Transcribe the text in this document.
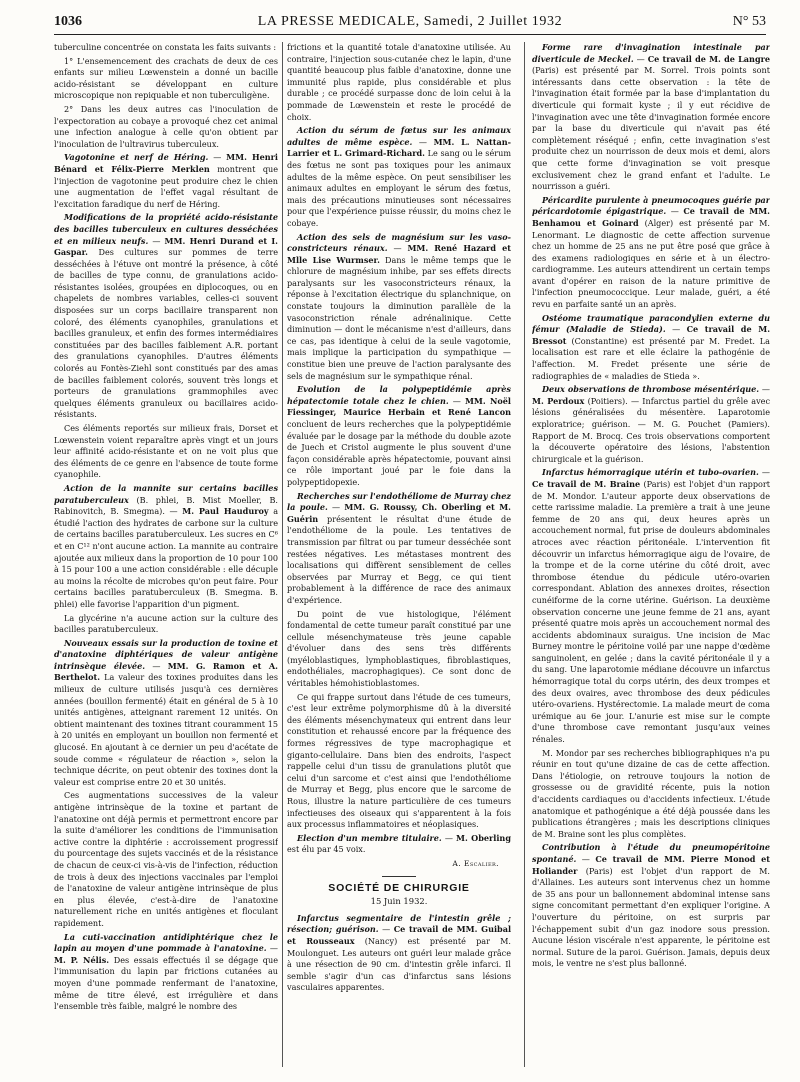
1036	LA PRESSE MEDICALE, Samedi, 2 Juillet 1932	N° 53

tuberculine concentrée on constata les faits suivants :

1° L'ensemencement des crachats de deux de ces enfants sur milieu Lœwenstein a donné un bacille acido-résistant se développant en culture microscopique non repiquable et non tuberculigène.

2° Dans les deux autres cas l'inoculation de l'expectoration au cobaye a provoqué chez cet animal une infection analogue à celle qu'on obtient par l'inoculation de l'ultravirus tuberculeux.

Vagotonine et nerf de Héring. — MM. Henri Bénard et Félix-Pierre Merklen montrent que l'injection de vagotonine peut produire chez le chien une augmentation de l'effet vagal résultant de l'excitation faradique du nerf de Héring.

Modifications de la propriété acido-résistante des bacilles tuberculeux en cultures desséchées et en milieux neufs. — MM. Henri Durand et I. Gaspar. Des cultures sur pommes de terre desséchées à l'étuve ont montré la présence, à côté de bacilles de type connu, de granulations acido-résistantes isolées, groupées en diplocoques, ou en chapelets de nombres variables, celles-ci souvent disposées sur un corps bacillaire transparent non coloré, des éléments cyanophiles, granulations et bacilles granuleux, et enfin des formes intermédiaires constituées par des bacilles faiblement A.R. portant des granulations cyanophiles. D'autres éléments colorés au Fontès-Ziehl sont constitués par des amas de bacilles faiblement colorés, souvent très longs et porteurs de granulations grammophiles avec quelques éléments granuleux ou bacillaires acido-résistants.

Ces éléments reportés sur milieux frais, Dorset et Lœwenstein voient reparaître après vingt et un jours leur affinité acido-résistante et on ne voit plus que des éléments de ce genre en l'absence de toute forme cyanophile.

Action de la mannite sur certains bacilles paratuberculeux (B. phlei, B. Mist Moeller, B. Rabinovitch, B. Smegma). — M. Paul Hauduroy a étudié l'action des hydrates de carbone sur la culture de certains bacilles paratuberculeux. Les sucres en C⁶ et en C¹² n'ont aucune action. La mannite au contraire ajoutée aux milieux dans la proportion de 10 pour 100 à 15 pour 100 a une action considérable : elle décuple au moins la récolte de microbes qu'on peut faire. Pour certains bacilles paratuberculeux (B. Smegma. B. phlei) elle favorise l'apparition d'un pigment.

La glycérine n'a aucune action sur la culture des bacilles paratuberculeux.

Nouveaux essais sur la production de toxine et d'anatoxine diphtériques de valeur antigène intrinsèque élevée. — MM. G. Ramon et A. Berthelot. La valeur des toxines produites dans les milieux de culture utilisés jusqu'à ces dernières années (bouillon fermenté) était en général de 5 à 10 unités antigènes, atteignant rarement 12 unités. On obtient maintenant des toxines titrant couramment 15 à 20 unités en employant un bouillon non fermenté et glucosé. En ajoutant à ce dernier un peu d'acétate de soude comme « régulateur de réaction », selon la technique décrite, on peut obtenir des toxines dont la valeur est comprise entre 20 et 30 unités.

Ces augmentations successives de la valeur antigène intrinsèque de la toxine et partant de l'anatoxine ont déjà permis et permettront encore par la suite d'améliorer les conditions de l'immunisation active contre la diphtérie : accroissement progressif du pourcentage des sujets vaccinés et de la résistance de chacun de ceux-ci vis-à-vis de l'infection, réduction de trois à deux des injections vaccinales par l'emploi de l'anatoxine de valeur antigène intrinsèque de plus en plus élevée, c'est-à-dire de l'anatoxine naturellement riche en unités antigènes et floculant rapidement.

La cuti-vaccination antidiphtérique chez le lapin au moyen d'une pommade à l'anatoxine. — M. P. Nélis. Des essais effectués il se dégage que l'immunisation du lapin par frictions cutanées au moyen d'une pommade renfermant de l'anatoxine, même de titre élevé, est irrégulière et dans l'ensemble très faible, malgré le nombre des

frictions et la quantité totale d'anatoxine utilisée. Au contraire, l'injection sous-cutanée chez le lapin, d'une quantité beaucoup plus faible d'anatoxine, donne une immunité plus rapide, plus considérable et plus durable ; ce procédé surpasse donc de loin celui à la pommade de Lœwenstein et reste le procédé de choix.

Action du sérum de fœtus sur les animaux adultes de même espèce. — MM. L. Nattan-Larrier et L. Grimard-Richard. Le sang ou le sérum des fœtus ne sont pas toxiques pour les animaux adultes de la même espèce. On peut sensibiliser les animaux adultes en employant le sérum des fœtus, mais des précautions minutieuses sont nécessaires pour que l'expérience puisse réussir, du moins chez le cobaye.

Action des sels de magnésium sur les vaso-constricteurs rénaux. — MM. René Hazard et Mlle Lise Wurmser. Dans le même temps que le chlorure de magnésium inhibe, par ses effets directs paralysants sur les vasoconstricteurs rénaux, la réponse à l'excitation électrique du splanchnique, on constate toujours la diminution parallèle de la vasoconstriction rénale adrénalinique. Cette diminution — dont le mécanisme n'est d'ailleurs, dans ce cas, pas identique à celui de la seule vagotomie, mais implique la participation du sympathique — constitue bien une preuve de l'action paralysante des sels de magnésium sur le sympathique rénal.

Evolution de la polypeptidémie après hépatectomie totale chez le chien. — MM. Noël Fiessinger, Maurice Herbain et René Lancon concluent de leurs recherches que la polypeptidémie évaluée par le dosage par la méthode du double azote de Juech et Cristol augmente le plus souvent d'une façon considérable après hépatectomie, pouvant ainsi ce rôle important joué par le foie dans la polypeptidopexie.

Recherches sur l'endothéliome de Murray chez la poule. — MM. G. Roussy, Ch. Oberling et M. Guérin présentent le résultat d'une étude de l'endothéliome de la poule. Les tentatives de transmission par filtrat ou par tumeur desséchée sont restées négatives. Les métastases montrent des localisations qui diffèrent sensiblement de celles observées par Murray et Begg, ce qui tient probablement à la différence de race des animaux d'expérience.

Du point de vue histologique, l'élément fondamental de cette tumeur paraît constitué par une cellule mésenchymateuse très jeune capable d'évoluer dans des sens très différents (myéloblastiques, lymphoblastiques, fibroblastiques, endothéliales, macrophagiques). Ce sont donc de véritables hémohistioblastomes.

Ce qui frappe surtout dans l'étude de ces tumeurs, c'est leur extrême polymorphisme dû à la diversité des éléments mésenchymateux qui entrent dans leur constitution et rehaussé encore par la fréquence des formes régressives de type macrophagique et giganto-cellulaire. Dans bien des endroits, l'aspect rappelle celui d'un tissu de granulations plutôt que celui d'un sarcome et c'est ainsi que l'endothéliome de Murray et Begg, plus encore que le sarcome de Rous, illustre la nature particulière de ces tumeurs infectieuses des oiseaux qui s'apparentent à la fois aux processus inflammatoires et néoplasiques.

Election d'un membre titulaire. — M. Oberling est élu par 45 voix.

A. Escalier.
SOCIÉTÉ DE CHIRURGIE
15 Juin 1932.

Infarctus segmentaire de l'intestin grêle ; résection; guérison. — Ce travail de MM. Guibal et Rousseaux (Nancy) est présenté par M. Moulonguet. Les auteurs ont guéri leur malade grâce à une résection de 90 cm. d'intestin grêle infarci. Il semble s'agir d'un cas d'infarctus sans lésions vasculaires apparentes.

Forme rare d'invagination intestinale par diverticule de Meckel. — Ce travail de M. de Langre (Paris) est présenté par M. Sorrel. Trois points sont intéressants dans cette observation : la tête de l'invagination était formée par la base d'implantation du diverticule qui formait kyste ; il y eut récidive de l'invagination avec une tête d'invagination formée encore par la base du diverticule qui n'avait pas été complètement réséqué ; enfin, cette invagination s'est produite chez un nourrisson de deux mois et demi, alors que cette forme d'invagination se voit presque exclusivement chez le grand enfant et l'adulte. Le nourrisson a guéri.

Péricardite purulente à pneumocoques guérie par péricardotomie épigastrique. — Ce travail de MM. Benhamou et Goinard (Alger) est présenté par M. Lenormant. Le diagnostic de cette affection survenue chez un homme de 25 ans ne put être posé que grâce à des examens radiologiques en série et à un électro-cardiogramme. Les auteurs attendirent un certain temps avant d'opérer en raison de la nature primitive de l'infection pneumococcique. Leur malade, guéri, a été revu en parfaite santé un an après.

Ostéome traumatique paracondylien externe du fémur (Maladie de Stieda). — Ce travail de M. Bressot (Constantine) est présenté par M. Fredet. La localisation est rare et elle éclaire la pathogénie de l'affection. M. Fredet présente une série de radiographies de « maladies de Stieda ».

Deux observations de thrombose mésentérique. — M. Perdoux (Poitiers). — Infarctus partiel du grêle avec lésions généralisées du mésentère. Laparotomie exploratrice; guérison. — M. G. Pouchet (Pamiers). Rapport de M. Brocq. Ces trois observations comportent la découverte opératoire des lésions, l'abstention chirurgicale et la guérison.

Infarctus hémorragique utérin et tubo-ovarien. — Ce travail de M. Braine (Paris) est l'objet d'un rapport de M. Mondor. L'auteur apporte deux observations de cette rarissime maladie. La première a trait à une jeune femme de 20 ans qui, deux heures après un accouchement normal, fut prise de douleurs abdominales atroces avec réaction péritonéale. L'intervention fit découvrir un infarctus hémorragique aigu de l'ovaire, de la trompe et de la corne utérine du côté droit, avec thrombose étendue du pédicule utéro-ovarien correspondant. Ablation des annexes droites, résection cunéiforme de la corne utérine. Guérison. La deuxième observation concerne une jeune femme de 21 ans, ayant présenté quatre mois après un accouchement normal des accidents abdominaux suraigus. Une incision de Mac Burney montre le péritoine voilé par une nappe d'œdème sanguinolent, en gelée ; dans la cavité péritonéale il y a du sang. Une laparotomie médiane découvre un infarctus hémorragique total du corps utérin, des deux trompes et des deux ovaires, avec thrombose des deux pédicules utéro-ovariens. Hystérectomie. La malade meurt de coma urémique au 6e jour. L'anurie est mise sur le compte d'une thrombose cave remontant jusqu'aux veines rénales.

M. Mondor par ses recherches bibliographiques n'a pu réunir en tout qu'une dizaine de cas de cette affection. Dans l'étiologie, on retrouve toujours la notion de grossesse ou de gravidité récente, puis la notion d'accidents cardiaques ou d'accidents infectieux. L'étude anatomique et pathogénique a été déjà poussée dans les publications étrangères ; mais les descriptions cliniques de M. Braine sont les plus complètes.

Contribution à l'étude du pneumopéritoine spontané. — Ce travail de MM. Pierre Monod et Holiander (Paris) est l'objet d'un rapport de M. d'Allaines. Les auteurs sont intervenus chez un homme de 35 ans pour un ballonnement abdominal intense sans signe concomitant permettant d'en expliquer l'origine. A l'ouverture du péritoine, on est surpris par l'échappement subit d'un gaz inodore sous pression. Aucune lésion viscérale n'est apparente, le péritoine est normal. Suture de la paroi. Guérison. Jamais, depuis deux mois, le ventre ne s'est plus ballonné.
